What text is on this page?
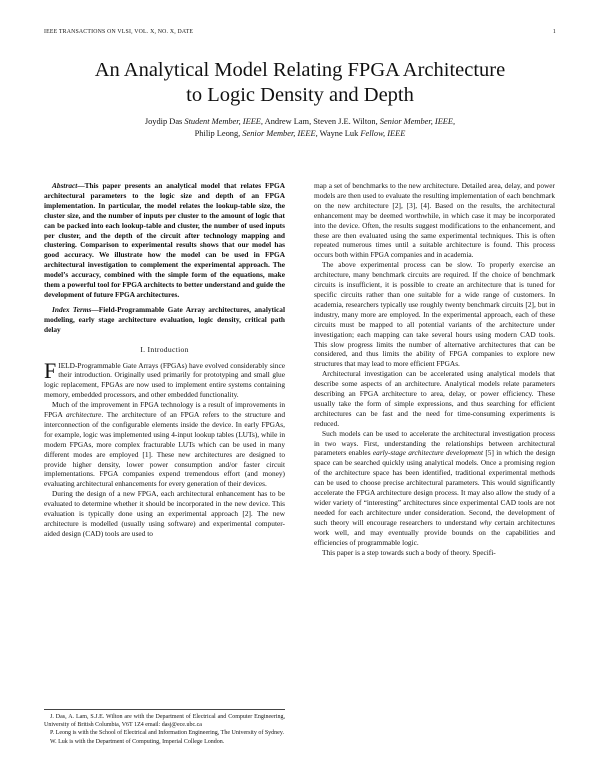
IEEE TRANSACTIONS ON VLSI, VOL. X, NO. X, DATE	1
An Analytical Model Relating FPGA Architecture
to Logic Density and Depth
Joydip Das Student Member, IEEE, Andrew Lam, Steven J.E. Wilton, Senior Member, IEEE,
Philip Leong, Senior Member, IEEE, Wayne Luk Fellow, IEEE

Abstract—This paper presents an analytical model that relates FPGA architectural parameters to the logic size and depth of an FPGA implementation. In particular, the model relates the lookup-table size, the cluster size, and the number of inputs per cluster to the amount of logic that can be packed into each lookup-table and cluster, the number of used inputs per cluster, and the depth of the circuit after technology mapping and clustering. Comparison to experimental results shows that our model has good accuracy. We illustrate how the model can be used in FPGA architectural investigation to complement the experimental approach. The model’s accuracy, combined with the simple form of the equations, make them a powerful tool for FPGA architects to better understand and guide the development of future FPGA architectures.

Index Terms—Field-Programmable Gate Array architectures, analytical modeling, early stage architecture evaluation, logic density, critical path delay

I. Introduction

FIELD-Programmable Gate Arrays (FPGAs) have evolved considerably since their introduction. Originally used primarily for prototyping and small glue logic replacement, FPGAs are now used to implement entire systems containing memory, embedded processors, and other embedded functionality.

Much of the improvement in FPGA technology is a result of improvements in FPGA architecture. The architecture of an FPGA refers to the structure and interconnection of the configurable elements inside the device. In early FPGAs, for example, logic was implemented using 4-input lookup tables (LUTs), while in modern FPGAs, more complex fracturable LUTs which can be used in many different modes are employed [1]. These new architectures are designed to provide higher density, lower power consumption and/or faster circuit implementations. FPGA companies expend tremendous effort (and money) evaluating architectural enhancements for every generation of their devices.

During the design of a new FPGA, each architectural enhancement has to be evaluated to determine whether it should be incorporated in the new device. This evaluation is typically done using an experimental approach [2]. The new architecture is modelled (usually using software) and experimental computer-aided design (CAD) tools are used to

J. Das, A. Lam, S.J.E. Wilton are with the Department of Electrical and Computer Engineering, University of British Columbia, V6T 1Z4 email: dasj@ece.ubc.ca

P. Leong is with the School of Electrical and Information Engineering, The University of Sydney.

W. Luk is with the Department of Computing, Imperial College London.

map a set of benchmarks to the new architecture. Detailed area, delay, and power models are then used to evaluate the resulting implementation of each benchmark on the new architecture [2], [3], [4]. Based on the results, the architectural enhancement may be deemed worthwhile, in which case it may be incorporated into the device. Often, the results suggest modifications to the enhancement, and these are then evaluated using the same experimental techniques. This is often repeated numerous times until a suitable architecture is found. This process occurs both within FPGA companies and in academia.

The above experimental process can be slow. To properly exercise an architecture, many benchmark circuits are required. If the choice of benchmark circuits is insufficient, it is possible to create an architecture that is tuned for specific circuits rather than one suitable for a wide range of customers. In academia, researchers typically use roughly twenty benchmark circuits [2], but in industry, many more are employed. In the experimental approach, each of these circuits must be mapped to all potential variants of the architecture under investigation; each mapping can take several hours using modern CAD tools. This slow progress limits the number of alternative architectures that can be considered, and thus limits the ability of FPGA companies to explore new structures that may lead to more efficient FPGAs.

Architectural investigation can be accelerated using analytical models that describe some aspects of an architecture. Analytical models relate parameters describing an FPGA architecture to area, delay, or power efficiency. These usually take the form of simple expressions, and thus searching for efficient architectures can be fast and the need for time-consuming experiments is reduced.

Such models can be used to accelerate the architectural investigation process in two ways. First, understanding the relationships between architectural parameters enables early-stage architecture development [5] in which the design space can be searched quickly using analytical models. Once a promising region of the architecture space has been identified, traditional experimental methods can be used to choose precise architectural parameters. This would significantly accelerate the FPGA architecture design process. It may also allow the study of a wider variety of “interesting” architectures since experimental CAD tools are not needed for each architecture under consideration. Second, the development of such theory will encourage researchers to understand why certain architectures work well, and may eventually provide bounds on the capabilities and efficiencies of programmable logic.

This paper is a step towards such a body of theory. Specifi-
